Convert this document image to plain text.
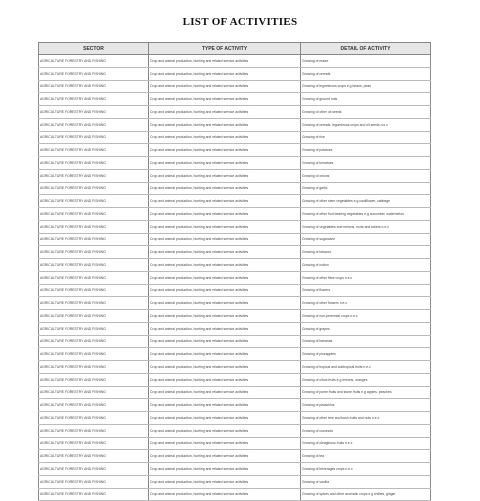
LIST OF ACTIVITIES
SECTOR	TYPE OF ACTIVITY	DETAIL OF ACTIVITY
AGRICULTURE FORESTRY AND FISHING	Crop and animal production, hunting and related service activities	Growing of maize
AGRICULTURE FORESTRY AND FISHING	Crop and animal production, hunting and related service activities	Growing of cereals
AGRICULTURE FORESTRY AND FISHING	Crop and animal production, hunting and related service activities	Growing of leguminous crops e.g beans, peas
AGRICULTURE FORESTRY AND FISHING	Crop and animal production, hunting and related service activities	Growing of ground nuts
AGRICULTURE FORESTRY AND FISHING	Crop and animal production, hunting and related service activities	Growing of other oil seeds
AGRICULTURE FORESTRY AND FISHING	Crop and animal production, hunting and related service activities	Growing of cereals, leguminous crops and oil seeds n.e.c
AGRICULTURE FORESTRY AND FISHING	Crop and animal production, hunting and related service activities	Growing of rice
AGRICULTURE FORESTRY AND FISHING	Crop and animal production, hunting and related service activities	Growing of potatoes
AGRICULTURE FORESTRY AND FISHING	Crop and animal production, hunting and related service activities	Growing of tomatoes
AGRICULTURE FORESTRY AND FISHING	Crop and animal production, hunting and related service activities	Growing of onions
AGRICULTURE FORESTRY AND FISHING	Crop and animal production, hunting and related service activities	Growing of garlic
AGRICULTURE FORESTRY AND FISHING	Crop and animal production, hunting and related service activities	Growing of other stem vegetables e.g cauliflower, cabbage
AGRICULTURE FORESTRY AND FISHING	Crop and animal production, hunting and related service activities	Growing of other fruit bearing vegetables e.g cucumber, watermelon
AGRICULTURE FORESTRY AND FISHING	Crop and animal production, hunting and related service activities	Growing of vegetables and melons, roots and tubers n.e.c
AGRICULTURE FORESTRY AND FISHING	Crop and animal production, hunting and related service activities	Growing of sugarcane
AGRICULTURE FORESTRY AND FISHING	Crop and animal production, hunting and related service activities	Growing of tobacco
AGRICULTURE FORESTRY AND FISHING	Crop and animal production, hunting and related service activities	Growing of cotton
AGRICULTURE FORESTRY AND FISHING	Crop and animal production, hunting and related service activities	Growing of other fibre crops n.e.c
AGRICULTURE FORESTRY AND FISHING	Crop and animal production, hunting and related service activities	Growing of flowers
AGRICULTURE FORESTRY AND FISHING	Crop and animal production, hunting and related service activities	Growing of other flowers n.e.c
AGRICULTURE FORESTRY AND FISHING	Crop and animal production, hunting and related service activities	Growing of non-perennial crops n.e.c
AGRICULTURE FORESTRY AND FISHING	Crop and animal production, hunting and related service activities	Growing of grapes
AGRICULTURE FORESTRY AND FISHING	Crop and animal production, hunting and related service activities	Growing of bananas
AGRICULTURE FORESTRY AND FISHING	Crop and animal production, hunting and related service activities	Growing of pineapples
AGRICULTURE FORESTRY AND FISHING	Crop and animal production, hunting and related service activities	Growing of tropical and subtropical fruits n.e.c
AGRICULTURE FORESTRY AND FISHING	Crop and animal production, hunting and related service activities	Growing of citrus fruits e.g lemons, oranges
AGRICULTURE FORESTRY AND FISHING	Crop and animal production, hunting and related service activities	Growing of pome fruits and stone fruits e.g apples, peaches
AGRICULTURE FORESTRY AND FISHING	Crop and animal production, hunting and related service activities	Growing of pistachios
AGRICULTURE FORESTRY AND FISHING	Crop and animal production, hunting and related service activities	Growing of other tree and bush fruits and nuts n.e.c
AGRICULTURE FORESTRY AND FISHING	Crop and animal production, hunting and related service activities	Growing of coconuts
AGRICULTURE FORESTRY AND FISHING	Crop and animal production, hunting and related service activities	Growing of oleaginous fruits n.e.c
AGRICULTURE FORESTRY AND FISHING	Crop and animal production, hunting and related service activities	Growing of tea
AGRICULTURE FORESTRY AND FISHING	Crop and animal production, hunting and related service activities	Growing of beverages crops n.e.c
AGRICULTURE FORESTRY AND FISHING	Crop and animal production, hunting and related service activities	Growing of vanilla
AGRICULTURE FORESTRY AND FISHING	Crop and animal production, hunting and related service activities	Growing of spices and other aromatic crops e.g chillies, ginger
